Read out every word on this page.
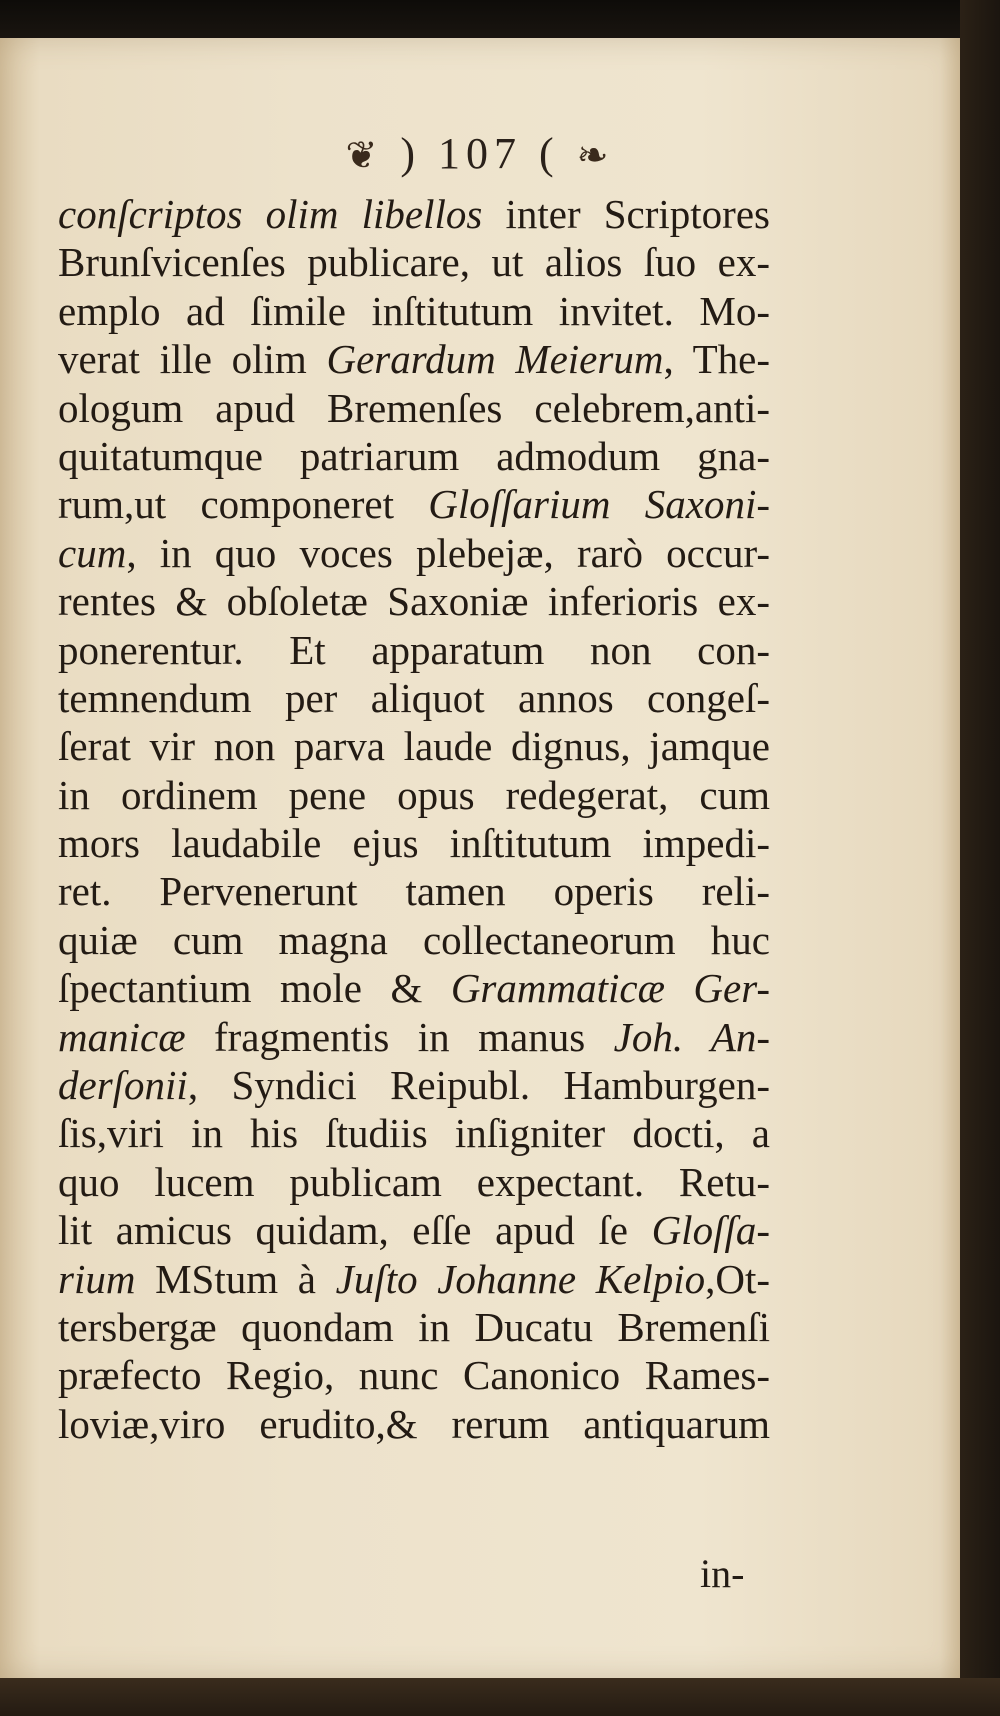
❦ ) 107 ( ❧
conſcriptos olim libellos inter Scriptores
Brunſvicenſes publicare, ut alios ſuo ex-
emplo ad ſimile inſtitutum invitet. Mo-
verat ille olim Gerardum Meierum, The-
ologum apud Bremenſes celebrem,anti-
quitatumque patriarum admodum gna-
rum,ut componeret Gloſſarium Saxoni-
cum, in quo voces plebejæ, rarò occur-
rentes & obſoletæ Saxoniæ inferioris ex-
ponerentur. Et apparatum non con-
temnendum per aliquot annos congeſ-
ſerat vir non parva laude dignus, jamque
in ordinem pene opus redegerat, cum
mors laudabile ejus inſtitutum impedi-
ret. Pervenerunt tamen operis reli-
quiæ cum magna collectaneorum huc
ſpectantium mole & Grammaticæ Ger-
manicæ fragmentis in manus Joh. An-
derſonii, Syndici Reipubl. Hamburgen-
ſis,viri in his ſtudiis inſigniter docti, a
quo lucem publicam expectant. Retu-
lit amicus quidam, eſſe apud ſe Gloſſa-
rium MStum à Juſto Johanne Kelpio,Ot-
tersbergæ quondam in Ducatu Bremenſi
præfecto Regio, nunc Canonico Rames-
loviæ,viro erudito,& rerum antiquarum
in-
